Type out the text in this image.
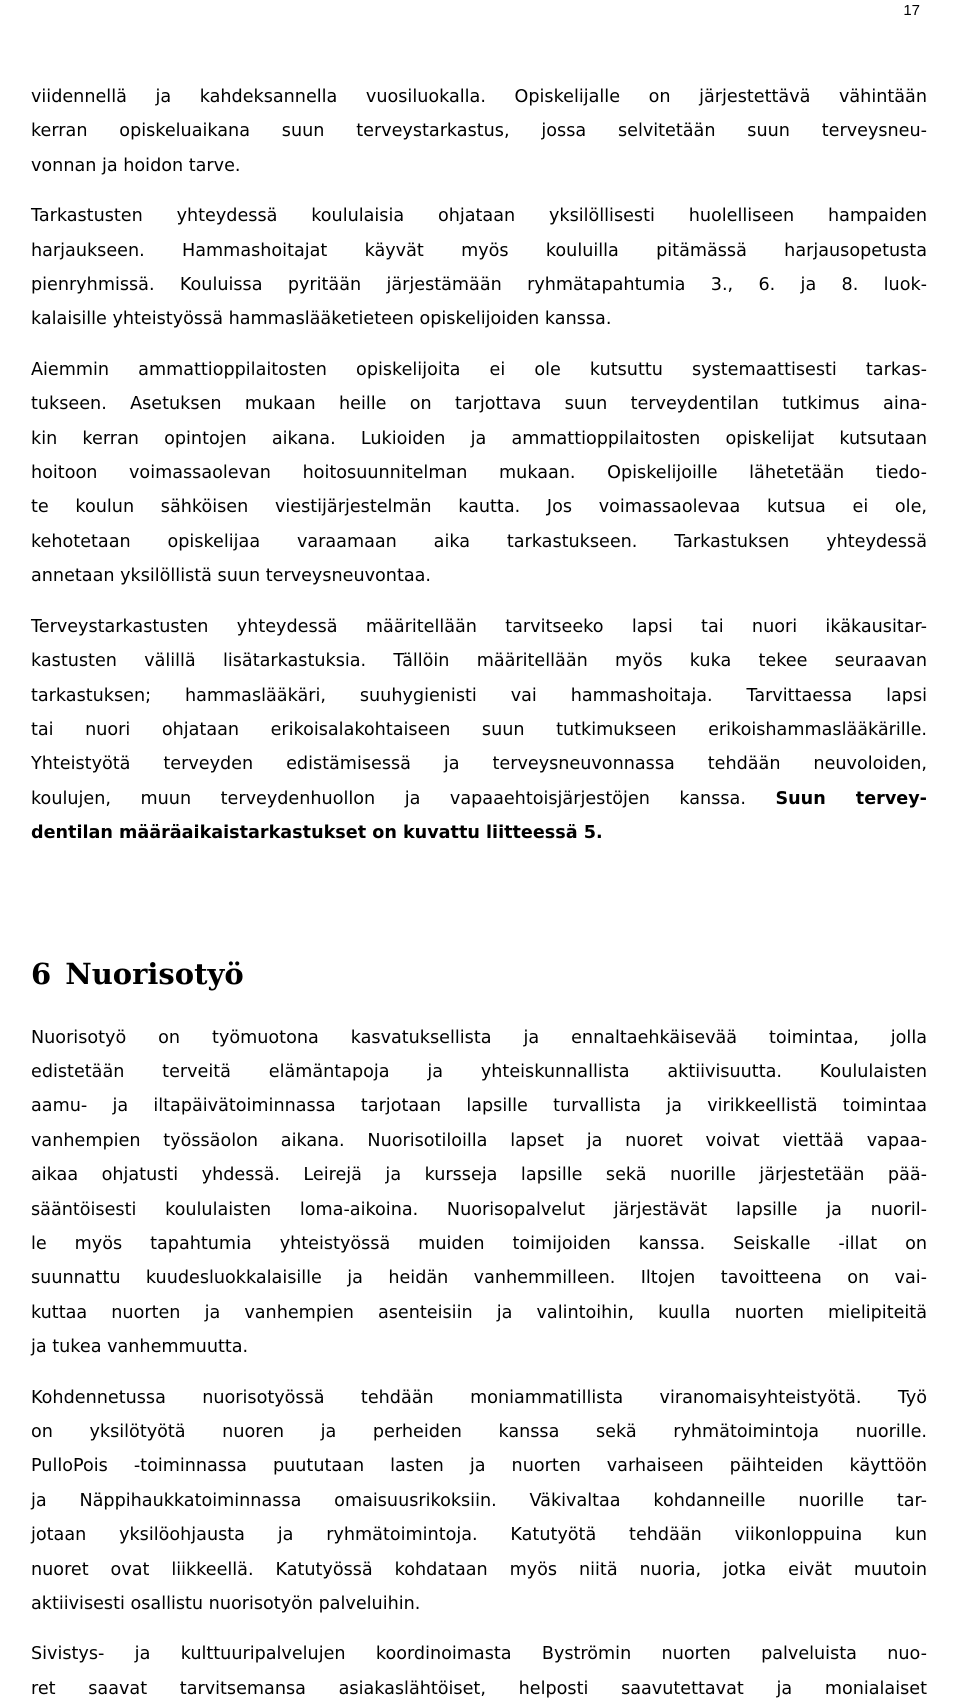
17
viidennellä ja kahdeksannella vuosiluokalla. Opiskelijalle on järjestettävä vähintään
kerran opiskeluaikana suun terveystarkastus, jossa selvitetään suun terveysneu-
vonnan ja hoidon tarve.
Tarkastusten yhteydessä koululaisia ohjataan yksilöllisesti huolelliseen hampaiden
harjaukseen. Hammashoitajat käyvät myös kouluilla pitämässä harjausopetusta
pienryhmissä. Kouluissa pyritään järjestämään ryhmätapahtumia 3., 6. ja 8. luok-
kalaisille yhteistyössä hammaslääketieteen opiskelijoiden kanssa.
Aiemmin ammattioppilaitosten opiskelijoita ei ole kutsuttu systemaattisesti tarkas-
tukseen. Asetuksen mukaan heille on tarjottava suun terveydentilan tutkimus aina-
kin kerran opintojen aikana. Lukioiden ja ammattioppilaitosten opiskelijat kutsutaan
hoitoon voimassaolevan hoitosuunnitelman mukaan. Opiskelijoille lähetetään tiedo-
te koulun sähköisen viestijärjestelmän kautta. Jos voimassaolevaa kutsua ei ole,
kehotetaan opiskelijaa varaamaan aika tarkastukseen. Tarkastuksen yhteydessä
annetaan yksilöllistä suun terveysneuvontaa.
Terveystarkastusten yhteydessä määritellään tarvitseeko lapsi tai nuori ikäkausitar-
kastusten välillä lisätarkastuksia. Tällöin määritellään myös kuka tekee seuraavan
tarkastuksen; hammaslääkäri, suuhygienisti vai hammashoitaja. Tarvittaessa lapsi
tai nuori ohjataan erikoisalakohtaiseen suun tutkimukseen erikoishammaslääkärille.
Yhteistyötä terveyden edistämisessä ja terveysneuvonnassa tehdään neuvoloiden,
koulujen, muun terveydenhuollon ja vapaaehtoisjärjestöjen kanssa. Suun tervey-
dentilan määräaikaistarkastukset on kuvattu liitteessä 5.
6 Nuorisotyö
Nuorisotyö on työmuotona kasvatuksellista ja ennaltaehkäisevää toimintaa, jolla
edistetään terveitä elämäntapoja ja yhteiskunnallista aktiivisuutta. Koululaisten
aamu- ja iltapäivätoiminnassa tarjotaan lapsille turvallista ja virikkeellistä toimintaa
vanhempien työssäolon aikana. Nuorisotiloilla lapset ja nuoret voivat viettää vapaa-
aikaa ohjatusti yhdessä. Leirejä ja kursseja lapsille sekä nuorille järjestetään pää-
sääntöisesti koululaisten loma-aikoina. Nuorisopalvelut järjestävät lapsille ja nuoril-
le myös tapahtumia yhteistyössä muiden toimijoiden kanssa. Seiskalle -illat on
suunnattu kuudesluokkalaisille ja heidän vanhemmilleen. Iltojen tavoitteena on vai-
kuttaa nuorten ja vanhempien asenteisiin ja valintoihin, kuulla nuorten mielipiteitä
ja tukea vanhemmuutta.
Kohdennetussa nuorisotyössä tehdään moniammatillista viranomaisyhteistyötä. Työ
on yksilötyötä nuoren ja perheiden kanssa sekä ryhmätoimintoja nuorille.
PulloPois -toiminnassa puututaan lasten ja nuorten varhaiseen päihteiden käyttöön
ja Näppihaukkatoiminnassa omaisuusrikoksiin. Väkivaltaa kohdanneille nuorille tar-
jotaan yksilöohjausta ja ryhmätoimintoja. Katutyötä tehdään viikonloppuina kun
nuoret ovat liikkeellä. Katutyössä kohdataan myös niitä nuoria, jotka eivät muutoin
aktiivisesti osallistu nuorisotyön palveluihin.
Sivistys- ja kulttuuripalvelujen koordinoimasta Byströmin nuorten palveluista nuo-
ret saavat tarvitsemansa asiakaslähtöiset, helposti saavutettavat ja monialaiset
